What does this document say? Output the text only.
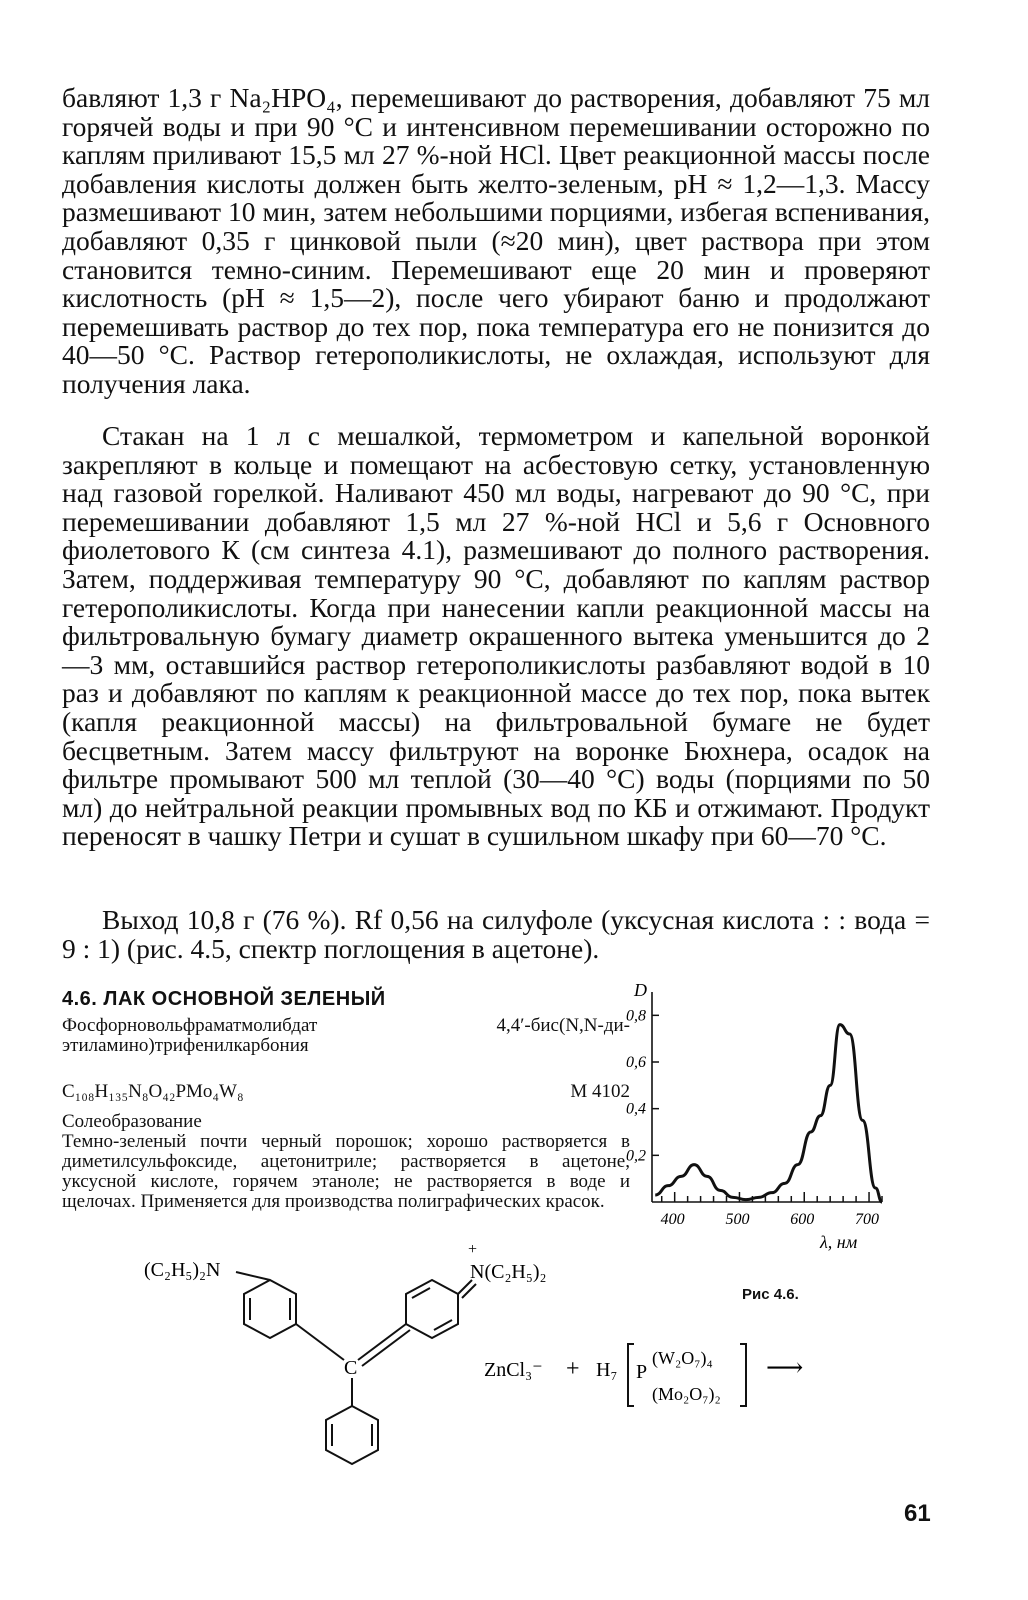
бавляют 1,3 г Na₂HPO₄, перемешивают до растворения, добавляют 75 мл горячей воды и при 90 °С и интенсивном перемешивании осторожно по каплям приливают 15,5 мл 27 %-ной HCl. Цвет реакционной массы после добавления кислоты должен быть желто-зеленым, pH ≈ 1,2—1,3. Массу размешивают 10 мин, затем небольшими порциями, избегая вспенивания, добавляют 0,35 г цинковой пыли (≈20 мин), цвет раствора при этом становится темно-синим. Перемешивают еще 20 мин и проверяют кислотность (pH ≈ 1,5—2), после чего убирают баню и продолжают перемешивать раствор до тех пор, пока температура его не понизится до 40—50 °С. Раствор гетерополикислоты, не охлаждая, используют для получения лака.

Стакан на 1 л с мешалкой, термометром и капельной воронкой закрепляют в кольце и помещают на асбестовую сетку, установленную над газовой горелкой. Наливают 450 мл воды, нагревают до 90 °С, при перемешивании добавляют 1,5 мл 27 %-ной HCl и 5,6 г Основного фиолетового К (см синтеза 4.1), размешивают до полного растворения. Затем, поддерживая температуру 90 °С, добавляют по каплям раствор гетерополикислоты. Когда при нанесении капли реакционной массы на фильтровальную бумагу диаметр окрашенного вытека уменьшится до 2—3 мм, оставшийся раствор гетерополикислоты разбавляют водой в 10 раз и добавляют по каплям к реакционной массе до тех пор, пока вытек (капля реакционной массы) на фильтровальной бумаге не будет бесцветным. Затем массу фильтруют на воронке Бюхнера, осадок на фильтре промывают 500 мл теплой (30—40 °С) воды (порциями по 50 мл) до нейтральной реакции промывных вод по КБ и отжимают. Продукт переносят в чашку Петри и сушат в сушильном шкафу при 60—70 °С.

Выход 10,8 г (76 %). Rf 0,56 на силуфоле (уксусная кислота : : вода = 9 : 1) (рис. 4.5, спектр поглощения в ацетоне).

4.6. ЛАК ОСНОВНОЙ ЗЕЛЕНЫЙ
Фосфорновольфраматмолибдат этиламино)трифенилкарбония
4,4′-бис(N,N-ди-
C₁₀₈H₁₃₅N₈O₄₂PMo₄W₈	М 4102
Солеобразование
Темно-зеленый почти черный порошок; хорошо растворяется в диметилсульфоксиде, ацетонитриле; растворяется в ацетоне, уксусной кислоте, горячем этаноле; не растворяется в воде и щелочах. Применяется для производства полиграфических красок.
D
0,2
0,4
0,6
0,8
400	500	600	700
λ, нм
Рис 4.6.
(C₂H₅)₂N
C
+
N(C₂H₅)₂
ZnCl₃⁻ + H₇ P
(W₂O₇)₄
(Mo₂O₇)₂
⟶
61
